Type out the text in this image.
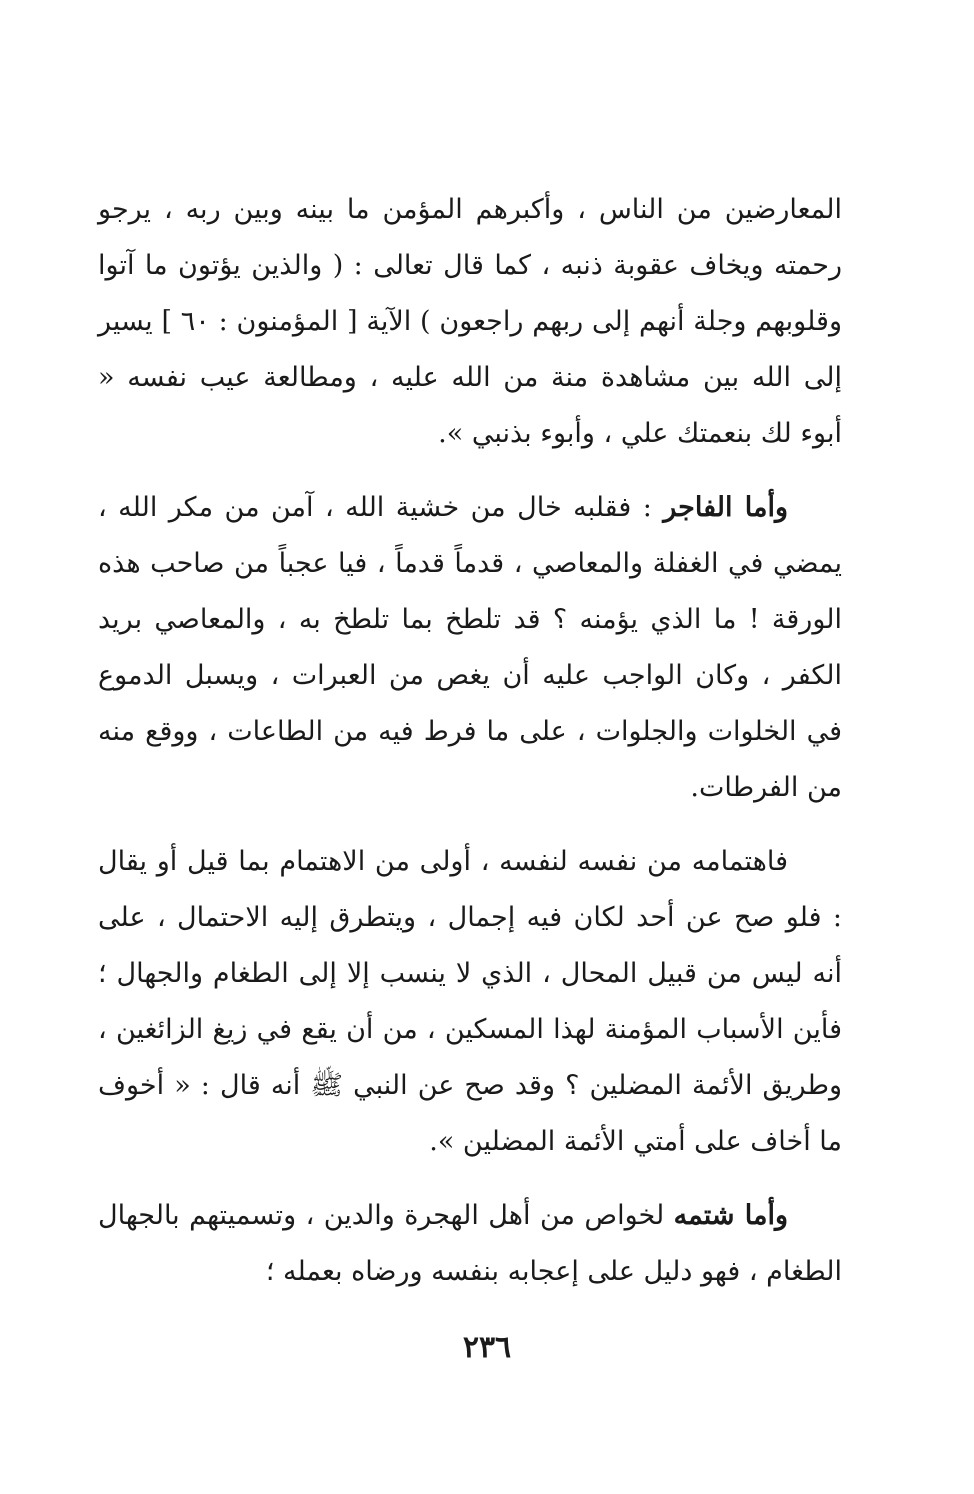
المعارضين من الناس ، وأكبرهم المؤمن ما بينه وبين ربه ، يرجو رحمته ويخاف عقوبة ذنبه ، كما قال تعالى : ( والذين يؤتون ما آتوا وقلوبهم وجلة أنهم إلى ربهم راجعون ) الآية [ المؤمنون : ٦٠ ] يسير إلى الله بين مشاهدة منة من الله عليه ، ومطالعة عيب نفسه « أبوء لك بنعمتك علي ، وأبوء بذنبي ».

وأما الفاجر : فقلبه خال من خشية الله ، آمن من مكر الله ، يمضي في الغفلة والمعاصي ، قدماً قدماً ، فيا عجباً من صاحب هذه الورقة ! ما الذي يؤمنه ؟ قد تلطخ بما تلطخ به ، والمعاصي بريد الكفر ، وكان الواجب عليه أن يغص من العبرات ، ويسبل الدموع في الخلوات والجلوات ، على ما فرط فيه من الطاعات ، ووقع منه من الفرطات.

فاهتمامه من نفسه لنفسه ، أولى من الاهتمام بما قيل أو يقال : فلو صح عن أحد لكان فيه إجمال ، ويتطرق إليه الاحتمال ، على أنه ليس من قبيل المحال ، الذي لا ينسب إلا إلى الطغام والجهال ؛ فأين الأسباب المؤمنة لهذا المسكين ، من أن يقع في زيغ الزائغين ، وطريق الأئمة المضلين ؟ وقد صح عن النبي ﷺ أنه قال : « أخوف ما أخاف على أمتي الأئمة المضلين ».

وأما شتمه لخواص من أهل الهجرة والدين ، وتسميتهم بالجهال الطغام ، فهو دليل على إعجابه بنفسه ورضاه بعمله ؛

٢٣٦
